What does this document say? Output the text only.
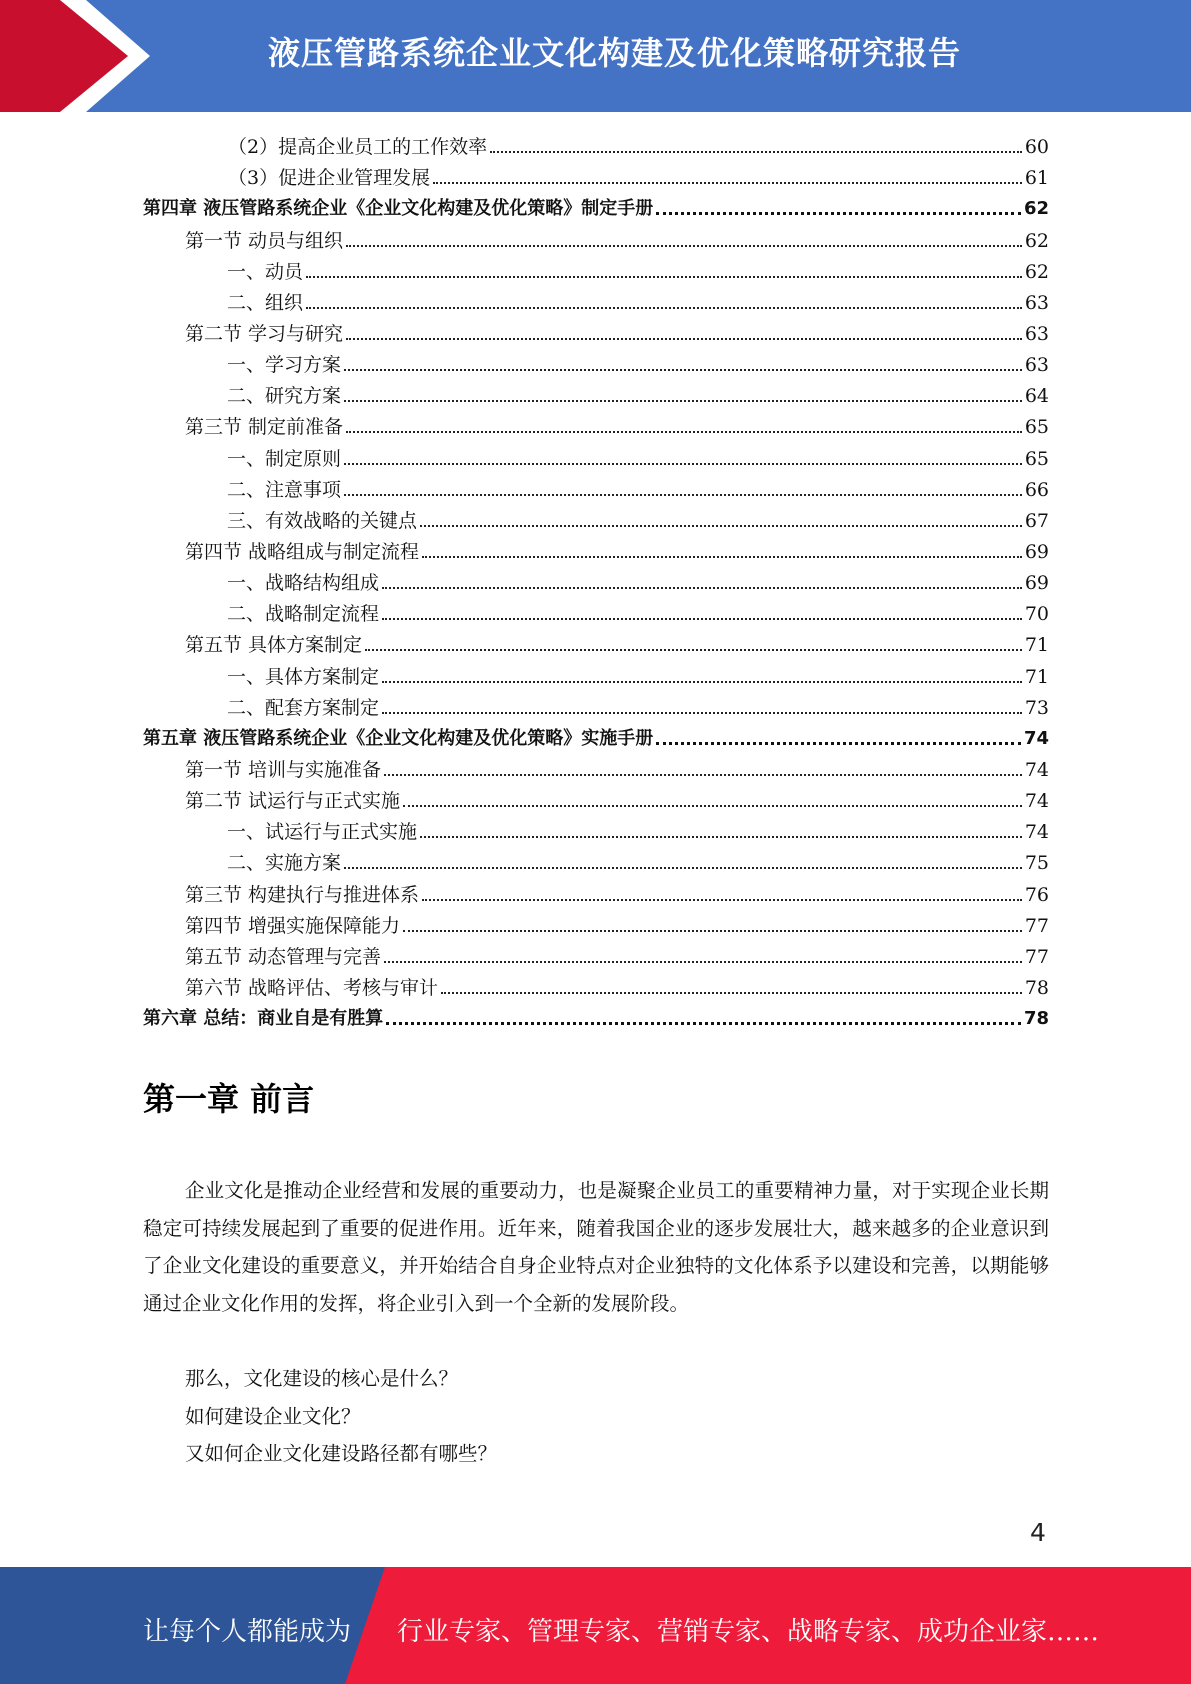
液压管路系统企业文化构建及优化策略研究报告
（2）提高企业员工的工作效率	60
（3）促进企业管理发展	61
第四章 液压管路系统企业《企业文化构建及优化策略》制定手册	62
第一节 动员与组织	62
一、动员	62
二、组织	63
第二节 学习与研究	63
一、学习方案	63
二、研究方案	64
第三节 制定前准备	65
一、制定原则	65
二、注意事项	66
三、有效战略的关键点	67
第四节 战略组成与制定流程	69
一、战略结构组成	69
二、战略制定流程	70
第五节 具体方案制定	71
一、具体方案制定	71
二、配套方案制定	73
第五章 液压管路系统企业《企业文化构建及优化策略》实施手册	74
第一节 培训与实施准备	74
第二节 试运行与正式实施	74
一、试运行与正式实施	74
二、实施方案	75
第三节 构建执行与推进体系	76
第四节 增强实施保障能力	77
第五节 动态管理与完善	77
第六节 战略评估、考核与审计	78
第六章 总结：商业自是有胜算	78
第一章 前言

企业文化是推动企业经营和发展的重要动力，也是凝聚企业员工的重要精神力量，对于实现企业长期稳定可持续发展起到了重要的促进作用。近年来，随着我国企业的逐步发展壮大，越来越多的企业意识到了企业文化建设的重要意义，并开始结合自身企业特点对企业独特的文化体系予以建设和完善，以期能够通过企业文化作用的发挥，将企业引入到一个全新的发展阶段。

那么，文化建设的核心是什么？

如何建设企业文化？

又如何企业文化建设路径都有哪些？

4
让每个人都能成为 行业专家、管理专家、营销专家、战略专家、成功企业家……
